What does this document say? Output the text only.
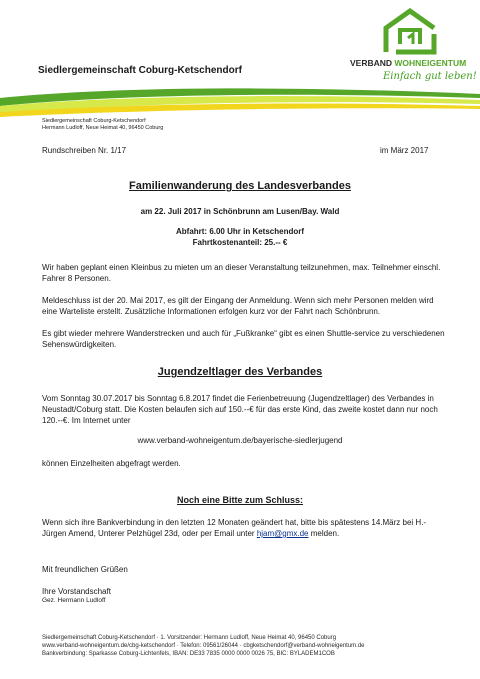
Siedlergemeinschaft Coburg-Ketschendorf
VERBAND WOHNEIGENTUM
Einfach gut leben!
Siedlergemeinschaft Coburg-Ketschendorf
Hermann Ludloff, Neue Heimat 40, 96450 Coburg
Rundschreiben Nr. 1/17	im März 2017
Familienwanderung des Landesverbandes
am 22. Juli 2017 in Schönbrunn am Lusen/Bay. Wald
Abfahrt: 6.00 Uhr in Ketschendorf
Fahrtkostenanteil: 25.-- €
Wir haben geplant einen Kleinbus zu mieten um an dieser Veranstaltung teilzunehmen, max. Teilnehmer einschl. Fahrer 8 Personen.
Meldeschluss ist der 20. Mai 2017, es gilt der Eingang der Anmeldung. Wenn sich mehr Personen melden wird eine Warteliste erstellt. Zusätzliche Informationen erfolgen kurz vor der Fahrt nach Schönbrunn.
Es gibt wieder mehrere Wanderstrecken und auch für „Fußkranke“ gibt es einen Shuttle-service zu verschiedenen Sehenswürdigkeiten.
Jugendzeltlager des Verbandes
Vom Sonntag 30.07.2017 bis Sonntag 6.8.2017 findet die Ferienbetreuung (Jugendzeltlager) des Verbandes in Neustadt/Coburg statt. Die Kosten belaufen sich auf 150.--€ für das erste Kind, das zweite kostet dann nur noch 120.--€. Im Internet unter
www.verband-wohneigentum.de/bayerische-siedlerjugend
können Einzelheiten abgefragt werden.
Noch eine Bitte zum Schluss:
Wenn sich ihre Bankverbindung in den letzten 12 Monaten geändert hat, bitte bis spätestens 14.März bei H.-Jürgen Amend, Unterer Pelzhügel 23d, oder per Email unter hjam@gmx.de melden.
Mit freundlichen Grüßen
Ihre Vorstandschaft
Gez. Hermann Ludloff
Siedlergemeinschaft Coburg-Ketschendorf · 1. Vorsitzender: Hermann Ludloff, Neue Heimat 40, 96450 Coburg
www.verband-wohneigentum.de/cbg-ketschendorf · Telefon: 09561/26044 · cbgketschendorf@verband-wohneigentum.de
Bankverbindung: Sparkasse Coburg-Lichtenfels, IBAN: DE33 7835 0000 0000 0026 75, BIC: BYLADEM1COB
